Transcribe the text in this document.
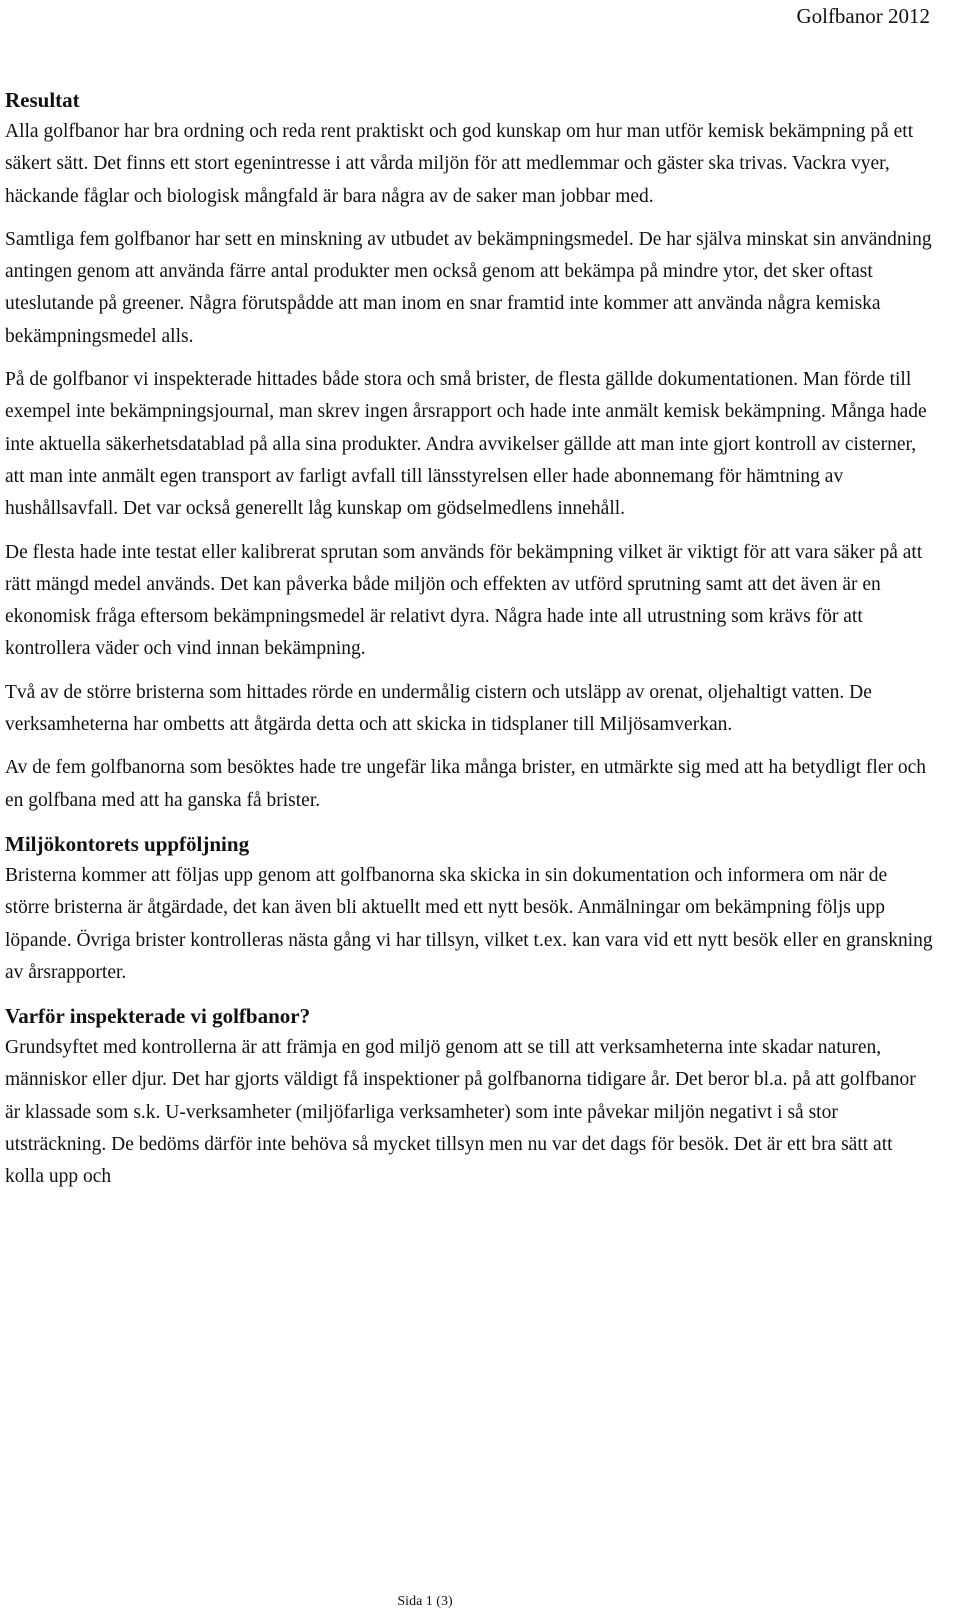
Golfbanor 2012
Resultat

Alla golfbanor har bra ordning och reda rent praktiskt och god kunskap om hur man utför kemisk bekämpning på ett säkert sätt. Det finns ett stort egenintresse i att vårda miljön för att medlemmar och gäster ska trivas. Vackra vyer, häckande fåglar och biologisk mångfald är bara några av de saker man jobbar med.

Samtliga fem golfbanor har sett en minskning av utbudet av bekämpningsmedel. De har själva minskat sin användning antingen genom att använda färre antal produkter men också genom att bekämpa på mindre ytor, det sker oftast uteslutande på greener. Några förutspådde att man inom en snar framtid inte kommer att använda några kemiska bekämpningsmedel alls.

På de golfbanor vi inspekterade hittades både stora och små brister, de flesta gällde dokumentationen. Man förde till exempel inte bekämpningsjournal, man skrev ingen årsrapport och hade inte anmält kemisk bekämpning. Många hade inte aktuella säkerhetsdatablad på alla sina produkter. Andra avvikelser gällde att man inte gjort kontroll av cisterner, att man inte anmält egen transport av farligt avfall till länsstyrelsen eller hade abonnemang för hämtning av hushållsavfall. Det var också generellt låg kunskap om gödselmedlens innehåll.

De flesta hade inte testat eller kalibrerat sprutan som används för bekämpning vilket är viktigt för att vara säker på att rätt mängd medel används. Det kan påverka både miljön och effekten av utförd sprutning samt att det även är en ekonomisk fråga eftersom bekämpningsmedel är relativt dyra. Några hade inte all utrustning som krävs för att kontrollera väder och vind innan bekämpning.

Två av de större bristerna som hittades rörde en undermålig cistern och utsläpp av orenat, oljehaltigt vatten. De verksamheterna har ombetts att åtgärda detta och att skicka in tidsplaner till Miljösamverkan.

Av de fem golfbanorna som besöktes hade tre ungefär lika många brister, en utmärkte sig med att ha betydligt fler och en golfbana med att ha ganska få brister.

Miljökontorets uppföljning

Bristerna kommer att följas upp genom att golfbanorna ska skicka in sin dokumentation och informera om när de större bristerna är åtgärdade, det kan även bli aktuellt med ett nytt besök. Anmälningar om bekämpning följs upp löpande. Övriga brister kontrolleras nästa gång vi har tillsyn, vilket t.ex. kan vara vid ett nytt besök eller en granskning av årsrapporter.

Varför inspekterade vi golfbanor?

Grundsyftet med kontrollerna är att främja en god miljö genom att se till att verksamheterna inte skadar naturen, människor eller djur. Det har gjorts väldigt få inspektioner på golfbanorna tidigare år. Det beror bl.a. på att golfbanor är klassade som s.k. U-verksamheter (miljöfarliga verksamheter) som inte påvekar miljön negativt i så stor utsträckning. De bedöms därför inte behöva så mycket tillsyn men nu var det dags för besök. Det är ett bra sätt att kolla upp och

Sida 1 (3)
